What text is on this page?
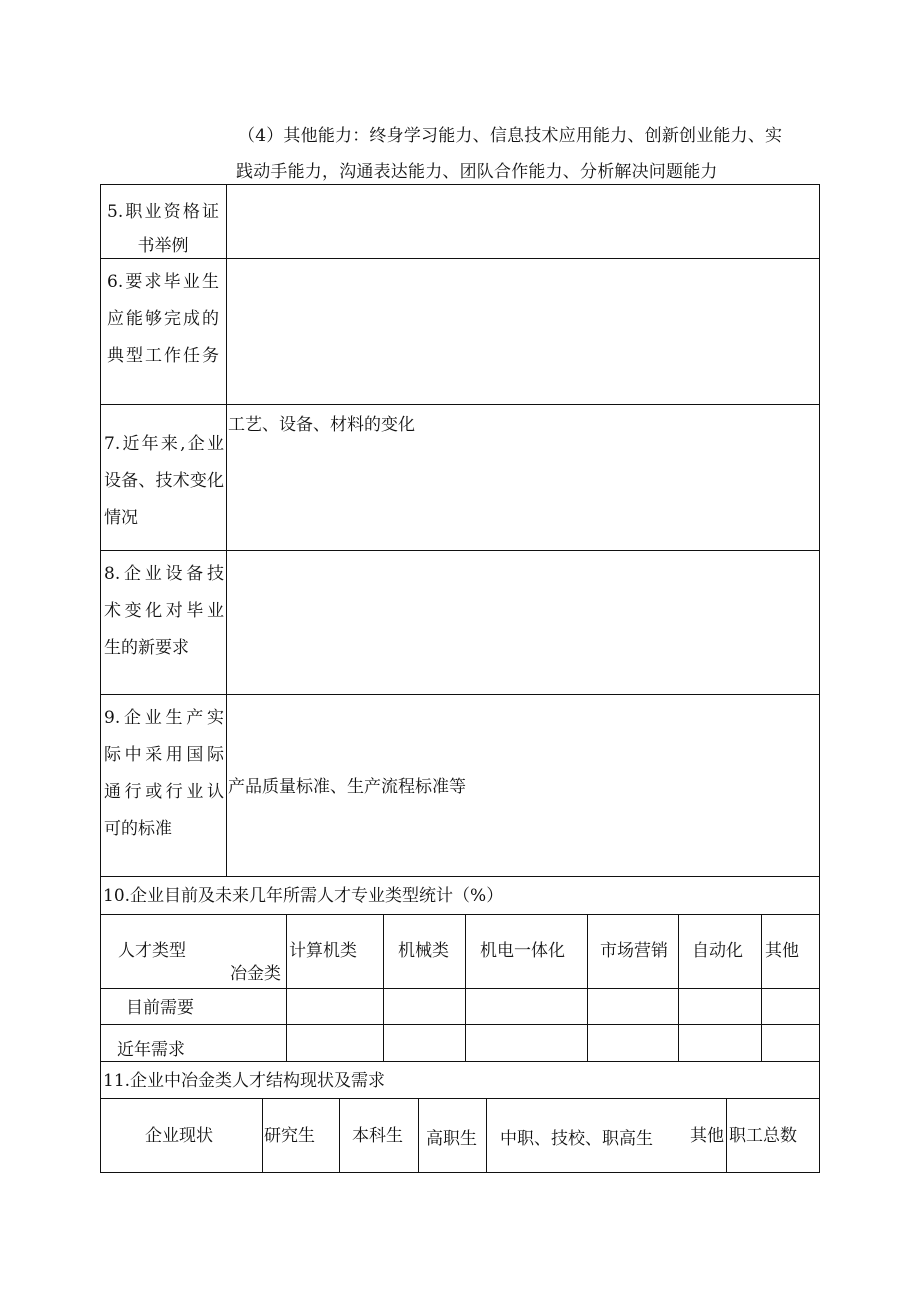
（4）其他能力：终身学习能力、信息技术应用能力、创新创业能力、实
践动手能力，沟通表达能力、团队合作能力、分析解决问题能力

5.职业资格证
书举例
6.要求毕业生
应能够完成的
典型工作任务
7.近年来,企业
设备、技术变化
情况
工艺、设备、材料的变化
8.企业设备技
术变化对毕业
生的新要求
9.企业生产实
际中采用国际
通行或行业认
可的标准
产品质量标准、生产流程标准等
10.企业目前及未来几年所需人才专业类型统计（%）
人才类型
冶金类
计算机类 机械类 机电一体化 市场营销 自动化 其他
目前需要
近年需求
11.企业中冶金类人才结构现状及需求
企业现状	研究生 本科生 高职生 中职、技校、职高生 其他 职工总数
